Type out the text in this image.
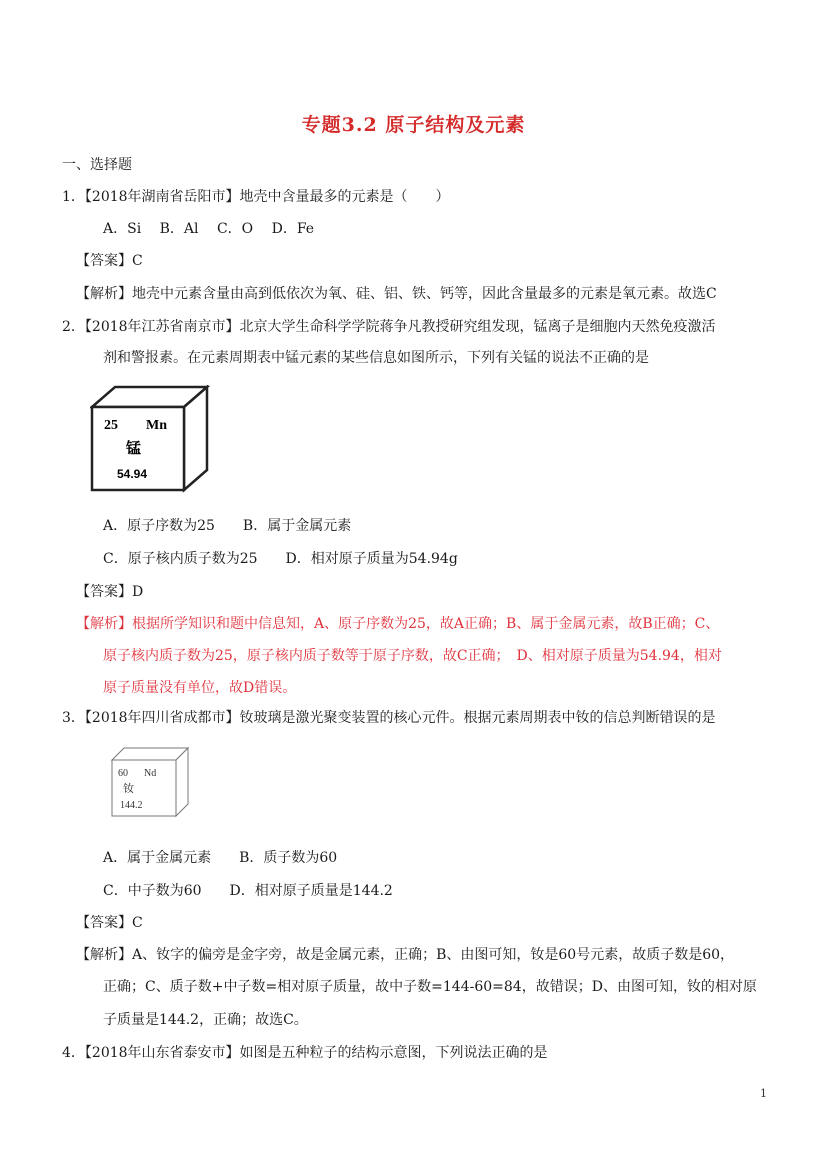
专题3.2 原子结构及元素
一、选择题
1．【2018年湖南省岳阳市】地壳中含量最多的元素是（　　）
A．Si　 B．Al　 C．O　 D．Fe
【答案】C
【解析】地壳中元素含量由高到低依次为氧、硅、铝、铁、钙等，因此含量最多的元素是氧元素。故选C
2．【2018年江苏省南京市】北京大学生命科学学院蒋争凡教授研究组发现，锰离子是细胞内天然免疫激活
剂和警报素。在元素周期表中锰元素的某些信息如图所示，下列有关锰的说法不正确的是
25 Mn
锰
54.94
A．原子序数为25　　B．属于金属元素
C．原子核内质子数为25　　D．相对原子质量为54.94g
【答案】D
【解析】根据所学知识和题中信息知，A、原子序数为25，故A正确；B、属于金属元素，故B正确；C、
原子核内质子数为25，原子核内质子数等于原子序数，故C正确；　D、相对原子质量为54.94，相对
原子质量没有单位，故D错误。
3．【2018年四川省成都市】钕玻璃是激光聚变装置的核心元件。根据元素周期表中钕的信总判断错误的是
60 Nd
钕
144.2
A．属于金属元素　　B．质子数为60
C．中子数为60　　D．相对原子质量是144.2
【答案】C
【解析】A、钕字的偏旁是金字旁，故是金属元素，正确；B、由图可知，钕是60号元素，故质子数是60，
正确；C、质子数+中子数=相对原子质量，故中子数=144-60=84，故错误；D、由图可知，钕的相对原
子质量是144.2，正确；故选C。
4．【2018年山东省泰安市】如图是五种粒子的结构示意图，下列说法正确的是
1
